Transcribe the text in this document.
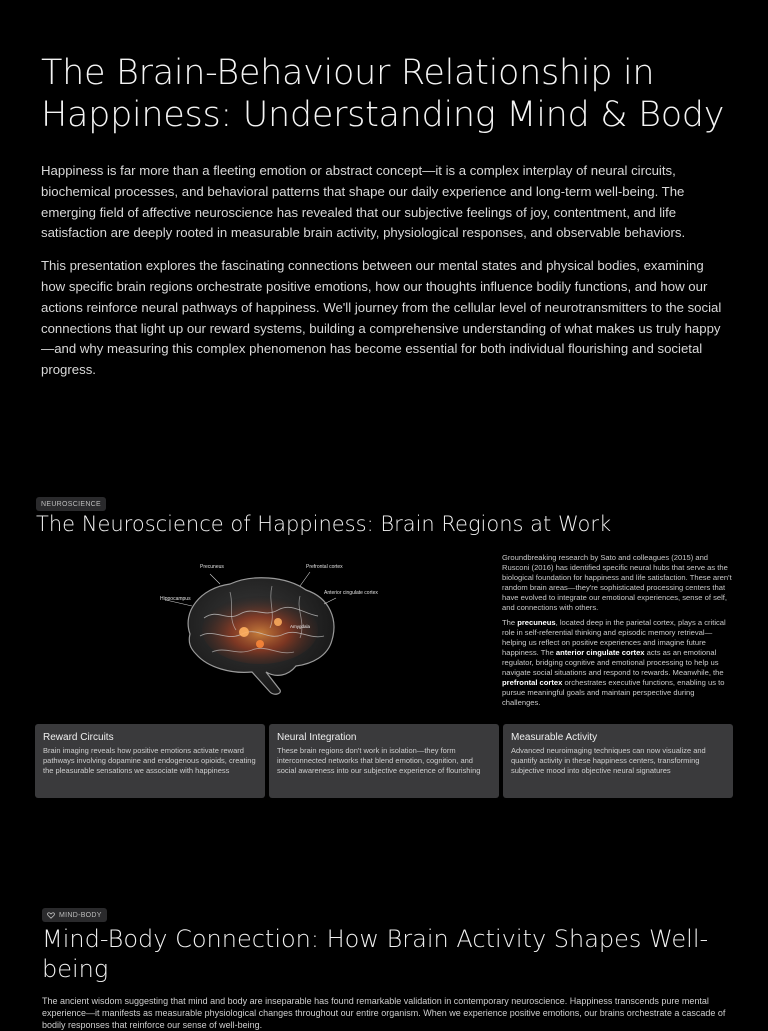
The Brain-Behaviour Relationship in Happiness: Understanding Mind & Body

Happiness is far more than a fleeting emotion or abstract concept—it is a complex interplay of neural circuits, biochemical processes, and behavioral patterns that shape our daily experience and long-term well-being. The emerging field of affective neuroscience has revealed that our subjective feelings of joy, contentment, and life satisfaction are deeply rooted in measurable brain activity, physiological responses, and observable behaviors.

This presentation explores the fascinating connections between our mental states and physical bodies, examining how specific brain regions orchestrate positive emotions, how our thoughts influence bodily functions, and how our actions reinforce neural pathways of happiness. We'll journey from the cellular level of neurotransmitters to the social connections that light up our reward systems, building a comprehensive understanding of what makes us truly happy—and why measuring this complex phenomenon has become essential for both individual flourishing and societal progress.

NEUROSCIENCE
The Neuroscience of Happiness: Brain Regions at Work
Precuneus	Prefrontal cortex
Anterior cingulate cortex
Hippocampus
Amygdala

Groundbreaking research by Sato and colleagues (2015) and Rusconi (2016) has identified specific neural hubs that serve as the biological foundation for happiness and life satisfaction. These aren't random brain areas—they're sophisticated processing centers that have evolved to integrate our emotional experiences, sense of self, and connections with others.

The precuneus, located deep in the parietal cortex, plays a critical role in self-referential thinking and episodic memory retrieval—helping us reflect on positive experiences and imagine future happiness. The anterior cingulate cortex acts as an emotional regulator, bridging cognitive and emotional processing to help us navigate social situations and respond to rewards. Meanwhile, the prefrontal cortex orchestrates executive functions, enabling us to pursue meaningful goals and maintain perspective during challenges.

Reward Circuits

Brain imaging reveals how positive emotions activate reward pathways involving dopamine and endogenous opioids, creating the pleasurable sensations we associate with happiness

Neural Integration

These brain regions don't work in isolation—they form interconnected networks that blend emotion, cognition, and social awareness into our subjective experience of flourishing

Measurable Activity

Advanced neuroimaging techniques can now visualize and quantify activity in these happiness centers, transforming subjective mood into objective neural signatures

MIND-BODY
Mind-Body Connection: How Brain Activity Shapes Well-being

The ancient wisdom suggesting that mind and body are inseparable has found remarkable validation in contemporary neuroscience. Happiness transcends pure mental experience—it manifests as measurable physiological changes throughout our entire organism. When we experience positive emotions, our brains orchestrate a cascade of bodily responses that reinforce our sense of well-being.
